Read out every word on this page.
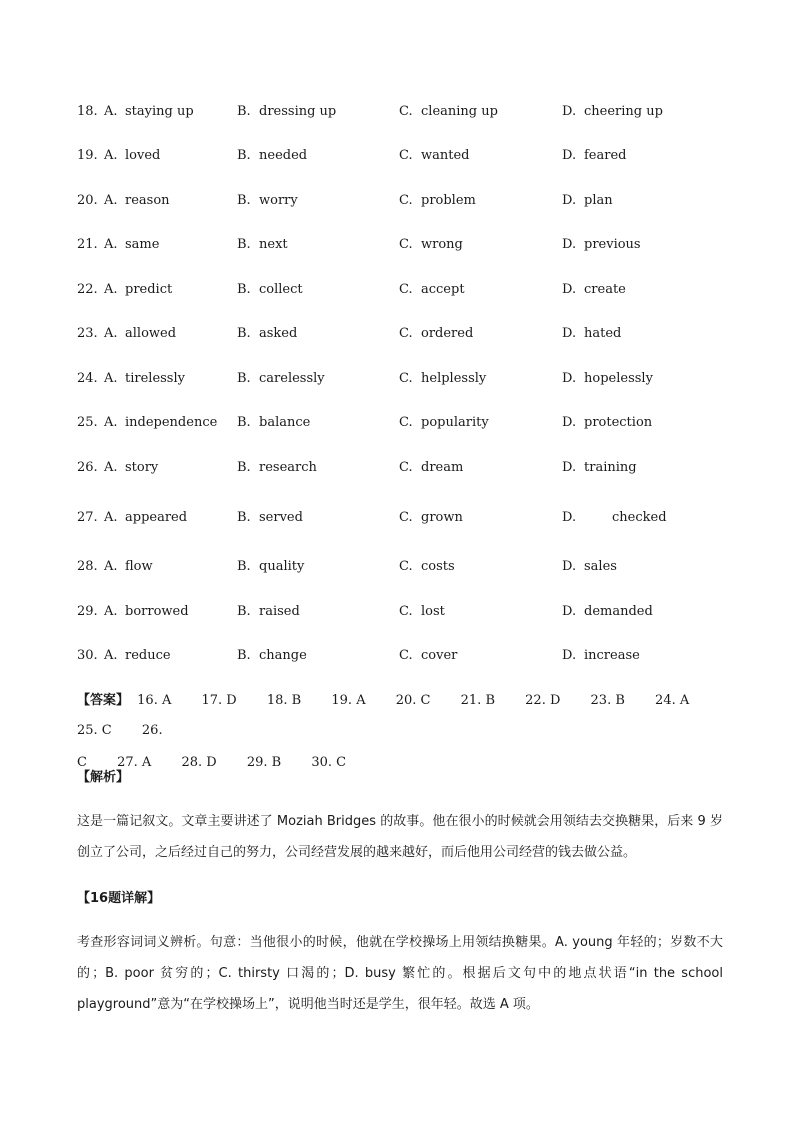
18. A. staying up	B. dressing up	C. cleaning up	D. cheering up
19. A. loved	B. needed	C. wanted	D. feared
20. A. reason	B. worry	C. problem	D. plan
21. A. same	B. next	C. wrong	D. previous
22. A. predict	B. collect	C. accept	D. create
23. A. allowed	B. asked	C. ordered	D. hated
24. A. tirelessly	B. carelessly	C. helplessly	D. hopelessly
25. A. independence B. balance	C. popularity	D. protection
26. A. story	B. research	C. dream	D. training
27. A. appeared	B. served	C. grown	D.	checked
28. A. flow	B. quality	C. costs	D. sales
29. A. borrowed	B. raised	C. lost	D. demanded
30. A. reduce	B. change	C. cover	D. increase
【答案】 16. A 17. D 18. B 19. A 20. C 21. B 22. D 23. B 24. A 25. C 26.
C 27. A 28. D 29. B 30. C
【解析】
这是一篇记叙文。文章主要讲述了 Moziah Bridges 的故事。他在很小的时候就会用领结去交换糖果，后来 9 岁创立了公司，之后经过自己的努力，公司经营发展的越来越好，而后他用公司经营的钱去做公益。
【16题详解】
考查形容词词义辨析。句意：当他很小的时候，他就在学校操场上用领结换糖果。A. young 年轻的；岁数不大的；B. poor 贫穷的；C. thirsty 口渴的；D. busy 繁忙的。根据后文句中的地点状语“in the school playground”意为“在学校操场上”，说明他当时还是学生，很年轻。故选 A 项。
